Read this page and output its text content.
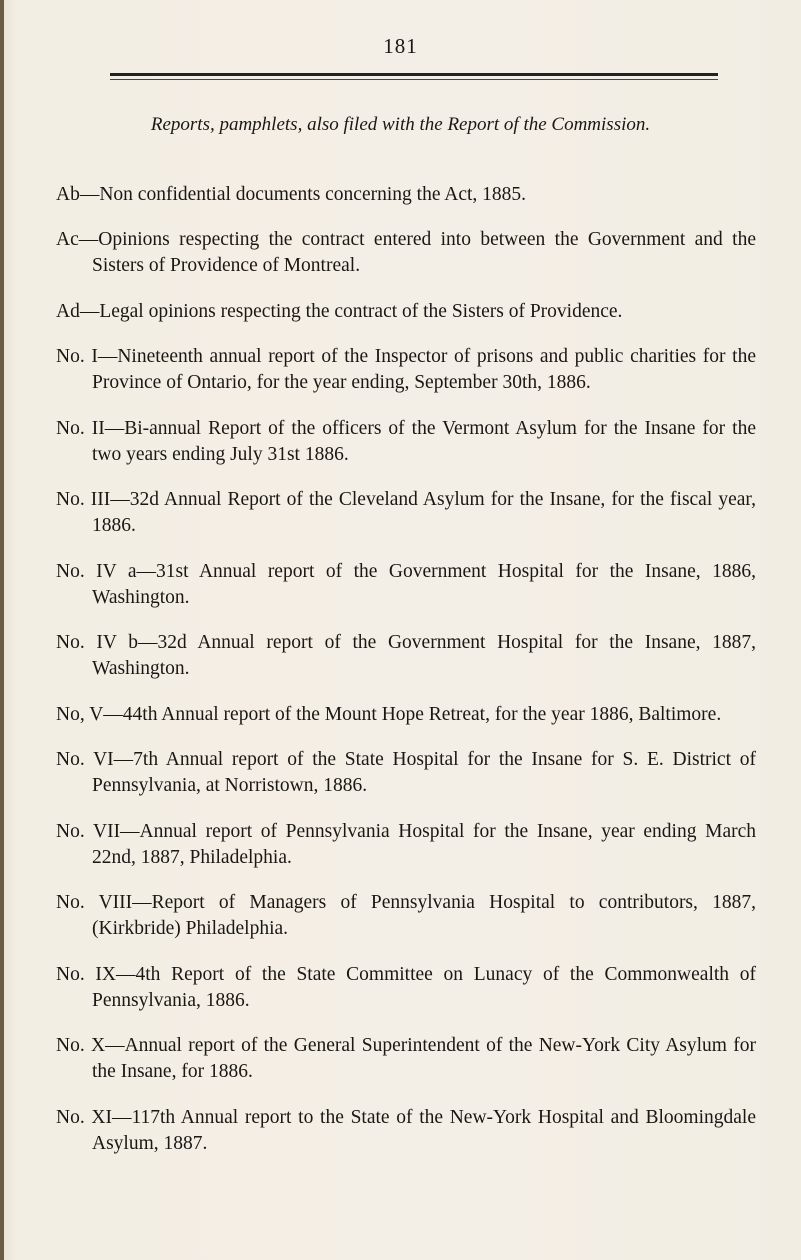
181
Reports, pamphlets, also filed with the Report of the Commission.

Ab—Non confidential documents concerning the Act, 1885.

Ac—Opinions respecting the contract entered into between the Government and the Sisters of Providence of Montreal.

Ad—Legal opinions respecting the contract of the Sisters of Providence.

No. I—Nineteenth annual report of the Inspector of prisons and public charities for the Province of Ontario, for the year ending, September 30th, 1886.

No. II—Bi-annual Report of the officers of the Vermont Asylum for the Insane for the two years ending July 31st 1886.

No. III—32d Annual Report of the Cleveland Asylum for the Insane, for the fiscal year, 1886.

No. IV a—31st Annual report of the Government Hospital for the Insane, 1886, Washington.

No. IV b—32d Annual report of the Government Hospital for the Insane, 1887, Washington.

No, V—44th Annual report of the Mount Hope Retreat, for the year 1886, Baltimore.

No. VI—7th Annual report of the State Hospital for the Insane for S. E. District of Pennsylvania, at Norristown, 1886.

No. VII—Annual report of Pennsylvania Hospital for the Insane, year ending March 22nd, 1887, Philadelphia.

No. VIII—Report of Managers of Pennsylvania Hospital to contributors, 1887, (Kirkbride) Philadelphia.

No. IX—4th Report of the State Committee on Lunacy of the Commonwealth of Pennsylvania, 1886.

No. X—Annual report of the General Superintendent of the New-York City Asylum for the Insane, for 1886.

No. XI—117th Annual report to the State of the New-York Hospital and Bloomingdale Asylum, 1887.
